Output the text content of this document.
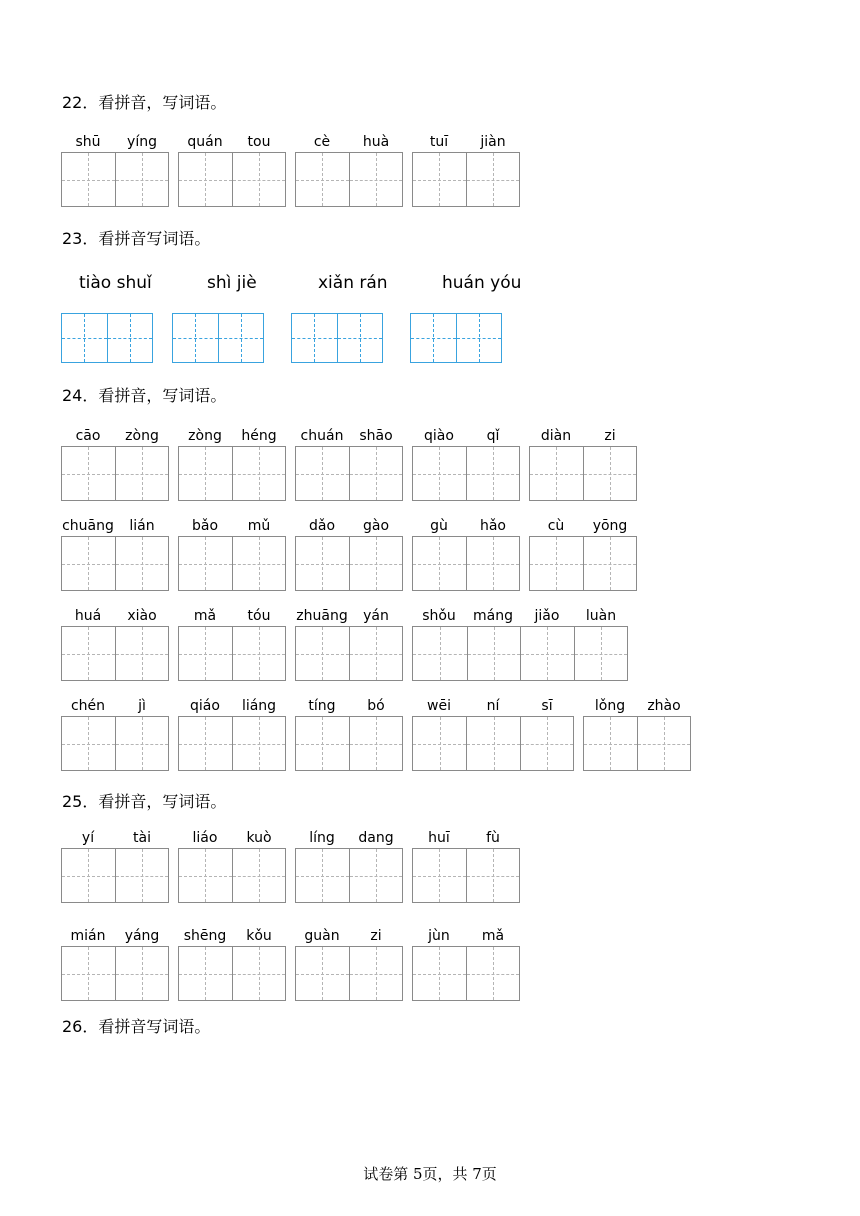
22．看拼音，写词语。
shū	yíng	quán	tou	cè	huà	tuī	jiàn
23．看拼音写词语。
tiào shuǐ	shì jiè	xiǎn rán	huán yóu
24．看拼音，写词语。
cāo	zòng	zòng	héng	chuán	shāo	qiào	qǐ	diàn	zi
chuāng	lián	bǎo	mǔ	dǎo	gào	gù	hǎo	cù	yōng
huá	xiào	mǎ	tóu	zhuāng	yán	shǒu	máng	jiǎo	luàn
chén	jì	qiáo	liáng	tíng	bó	wēi	ní	sī	lǒng	zhào
25．看拼音，写词语。
yí	tài	liáo	kuò	líng	dang	huī	fù
mián	yáng	shēng	kǒu	guàn	zi	jùn	mǎ
26．看拼音写词语。
试卷第 5页，共 7页
